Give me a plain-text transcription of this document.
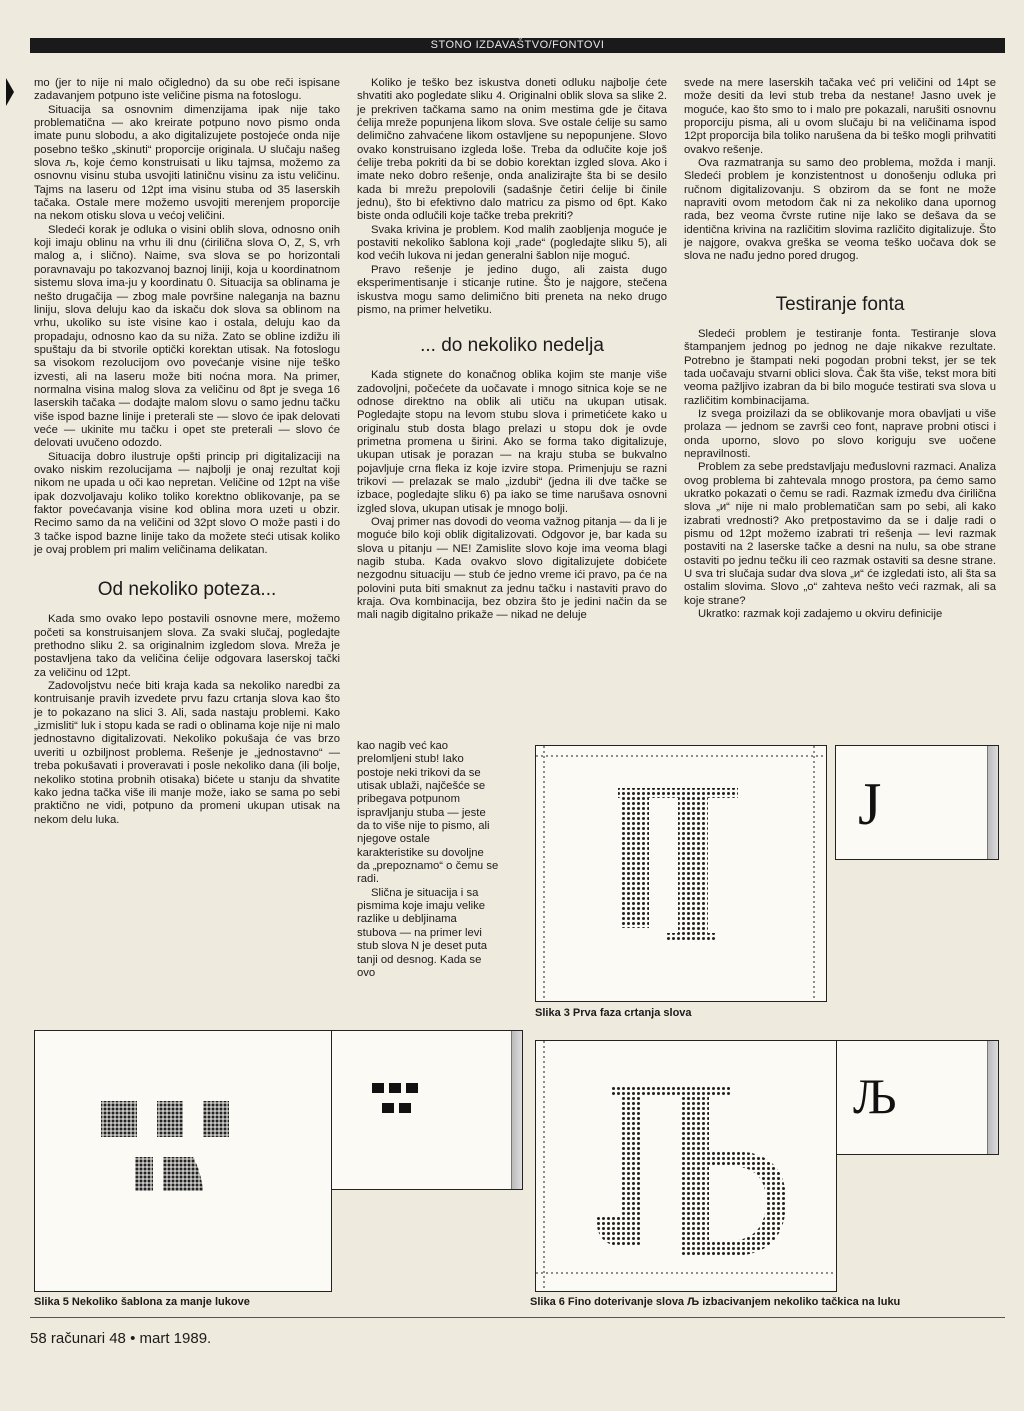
STONO IZDAVAŠTVO/FONTOVI

mo (jer to nije ni malo očigledno) da su obe reči ispisane zadavanjem potpuno iste veličine pisma na fotoslogu.

Situacija sa osnovnim dimenzijama ipak nije tako problematična — ako kreirate potpuno novo pismo onda imate punu slobodu, a ako digitalizujete postojeće onda nije posebno teško „skinuti“ proporcije originala. U slučaju našeg slova љ, koje ćemo konstruisati u liku tajmsa, možemo za osnovnu visinu stuba usvojiti latiničnu visinu za istu veličinu. Tajms na laseru od 12pt ima visinu stuba od 35 laserskih tačaka. Ostale mere možemo usvojiti merenjem proporcije na nekom otisku slova u većoj veličini.

Sledeći korak je odluka o visini oblih slova, odnosno onih koji imaju oblinu na vrhu ili dnu (ćirilična slova O, Z, S, vrh malog a, i slično). Naime, sva slova se po horizontali poravnavaju po takozvanoj baznoj liniji, koja u koordinatnom sistemu slova ima-ju y koordinatu 0. Situacija sa oblinama je nešto drugačija — zbog male površine naleganja na baznu liniju, slova deluju kao da iskaču dok slova sa oblinom na vrhu, ukoliko su iste visine kao i ostala, deluju kao da propadaju, odnosno kao da su niža. Zato se obline izdižu ili spuštaju da bi stvorile optički korektan utisak. Na fotoslogu sa visokom rezolucijom ovo povećanje visine nije teško izvesti, ali na laseru može biti noćna mora. Na primer, normalna visina malog slova za veličinu od 8pt je svega 16 laserskih tačaka — dodajte malom slovu o samo jednu tačku više ispod bazne linije i preterali ste — slovo će ipak delovati veće — ukinite mu tačku i opet ste preterali — slovo će delovati uvučeno odozdo.

Situacija dobro ilustruje opšti princip pri digitalizaciji na ovako niskim rezolucijama — najbolji je onaj rezultat koji nikom ne upada u oči kao nepretan. Veličine od 12pt na više ipak dozvoljavaju koliko toliko korektno oblikovanje, pa se faktor povećavanja visine kod oblina mora uzeti u obzir. Recimo samo da na veličini od 32pt slovo O može pasti i do 3 tačke ispod bazne linije tako da možete steći utisak koliko je ovaj problem pri malim veličinama delikatan.

Od nekoliko poteza...

Kada smo ovako lepo postavili osnovne mere, možemo početi sa konstruisanjem slova. Za svaki slučaj, pogledajte prethodno sliku 2. sa originalnim izgledom slova. Mreža je postavljena tako da veličina ćelije odgovara laserskoj tački za veličinu od 12pt.

Zadovoljstvu neće biti kraja kada sa nekoliko naredbi za kontruisanje pravih izvedete prvu fazu crtanja slova kao što je to pokazano na slici 3. Ali, sada nastaju problemi. Kako „izmisliti“ luk i stopu kada se radi o oblinama koje nije ni malo jednostavno digitalizovati. Nekoliko pokušaja će vas brzo uveriti u ozbiljnost problema. Rešenje je „jednostavno“ — treba pokušavati i proveravati i posle nekoliko dana (ili bolje, nekoliko stotina probnih otisaka) bićete u stanju da shvatite kako jedna tačka više ili manje može, iako se sama po sebi praktično ne vidi, potpuno da promeni ukupan utisak na nekom delu luka.

Koliko je teško bez iskustva doneti odluku najbolje ćete shvatiti ako pogledate sliku 4. Originalni oblik slova sa slike 2. je prekriven tačkama samo na onim mestima gde je čitava ćelija mreže popunjena likom slova. Sve ostale ćelije su samo delimično zahvaćene likom ostavljene su nepopunjene. Slovo ovako konstruisano izgleda loše. Treba da odlučite koje još ćelije treba pokriti da bi se dobio korektan izgled slova. Ako i imate neko dobro rešenje, onda analizirajte šta bi se desilo kada bi mrežu prepolovili (sadašnje četiri ćelije bi činile jednu), što bi efektivno dalo matricu za pismo od 6pt. Kako biste onda odlučili koje tačke treba prekriti?

Svaka krivina je problem. Kod malih zaobljenja moguće je postaviti nekoliko šablona koji „rade“ (pogledajte sliku 5), ali kod većih lukova ni jedan generalni šablon nije moguć.

Pravo rešenje je jedino dugo, ali zaista dugo eksperimentisanje i sticanje rutine. Što je najgore, stečena iskustva mogu samo delimično biti preneta na neko drugo pismo, na primer helvetiku.

... do nekoliko nedelja

Kada stignete do konačnog oblika kojim ste manje više zadovoljni, počećete da uočavate i mnogo sitnica koje se ne odnose direktno na oblik ali utiču na ukupan utisak. Pogledajte stopu na levom stubu slova i primetićete kako u originalu stub dosta blago prelazi u stopu dok je ovde primetna promena u širini. Ako se forma tako digitalizuje, ukupan utisak je porazan — na kraju stuba se bukvalno pojavljuje crna fleka iz koje izvire stopa. Primenjuju se razni trikovi — prelazak se malo „izdubi“ (jedna ili dve tačke se izbace, pogledajte sliku 6) pa iako se time narušava osnovni izgled slova, ukupan utisak je mnogo bolji.

Ovaj primer nas dovodi do veoma važnog pitanja — da li je moguće bilo koji oblik digitalizovati. Odgovor je, bar kada su slova u pitanju — NE! Zamislite slovo koje ima veoma blagi nagib stuba. Kada ovakvo slovo digitalizujete dobićete nezgodnu situaciju — stub će jedno vreme ići pravo, pa će na polovini puta biti smaknut za jednu tačku i nastaviti pravo do kraja. Ova kombinacija, bez obzira što je jedini način da se mali nagib digitalno prikaže — nikad ne deluje

kao nagib već kao prelomljeni stub! Iako postoje neki trikovi da se utisak ublaži, najčešće se pribegava potpunom ispravljanju stuba — jeste da to više nije to pismo, ali njegove ostale karakteristike su dovoljne da „prepoznamo“ o čemu se radi.

Slična je situacija i sa pismima koje imaju velike razlike u debljinama stubova — na primer levi stub slova N je deset puta tanji od desnog. Kada se ovo

svede na mere laserskih tačaka već pri veličini od 14pt se može desiti da levi stub treba da nestane! Jasno uvek je moguće, kao što smo to i malo pre pokazali, narušiti osnovnu proporciju pisma, ali u ovom slučaju bi na veličinama ispod 12pt proporcija bila toliko narušena da bi teško mogli prihvatiti ovakvo rešenje.

Ova razmatranja su samo deo problema, možda i manji. Sledeći problem je konzistentnost u donošenju odluka pri ručnom digitalizovanju. S obzirom da se font ne može napraviti ovom metodom čak ni za nekoliko dana upornog rada, bez veoma čvrste rutine nije lako se dešava da se identična krivina na različitim slovima različito digitalizuje. Što je najgore, ovakva greška se veoma teško uočava dok se slova ne nađu jedno pored drugog.

Testiranje fonta

Sledeći problem je testiranje fonta. Testiranje slova štampanjem jednog po jednog ne daje nikakve rezultate. Potrebno je štampati neki pogodan probni tekst, jer se tek tada uočavaju stvarni oblici slova. Čak šta više, tekst mora biti veoma pažljivo izabran da bi bilo moguće testirati sva slova u različitim kombinacijama.

Iz svega proizilazi da se oblikovanje mora obavljati u više prolaza — jednom se završi ceo font, naprave probni otisci i onda uporno, slovo po slovo koriguju sve uočene nepravilnosti.

Problem za sebe predstavljaju međuslovni razmaci. Analiza ovog problema bi zahtevala mnogo prostora, pa ćemo samo ukratko pokazati o čemu se radi. Razmak između dva ćirilična slova „и“ nije ni malo problematičan sam po sebi, ali kako izabrati vrednosti? Ako pretpostavimo da se i dalje radi o pismu od 12pt možemo izabrati tri rešenja — levi razmak postaviti na 2 laserske tačke a desni na nulu, sa obe strane ostaviti po jednu tečku ili ceo razmak ostaviti sa desne strane. U sva tri slučaja sudar dva slova „и“ će izgledati isto, ali šta sa ostalim slovima. Slovo „o“ zahteva nešto veći razmak, ali sa koje strane?

Ukratko: razmak koji zadajemo u okviru definicije

Ј
Slika 3 Prva faza crtanja slova
Slika 5 Nekoliko šablona za manje lukove
Љ
Slika 6 Fino doterivanje slova Љ izbacivanjem nekoliko tačkica na luku
58 računari 48 • mart 1989.
